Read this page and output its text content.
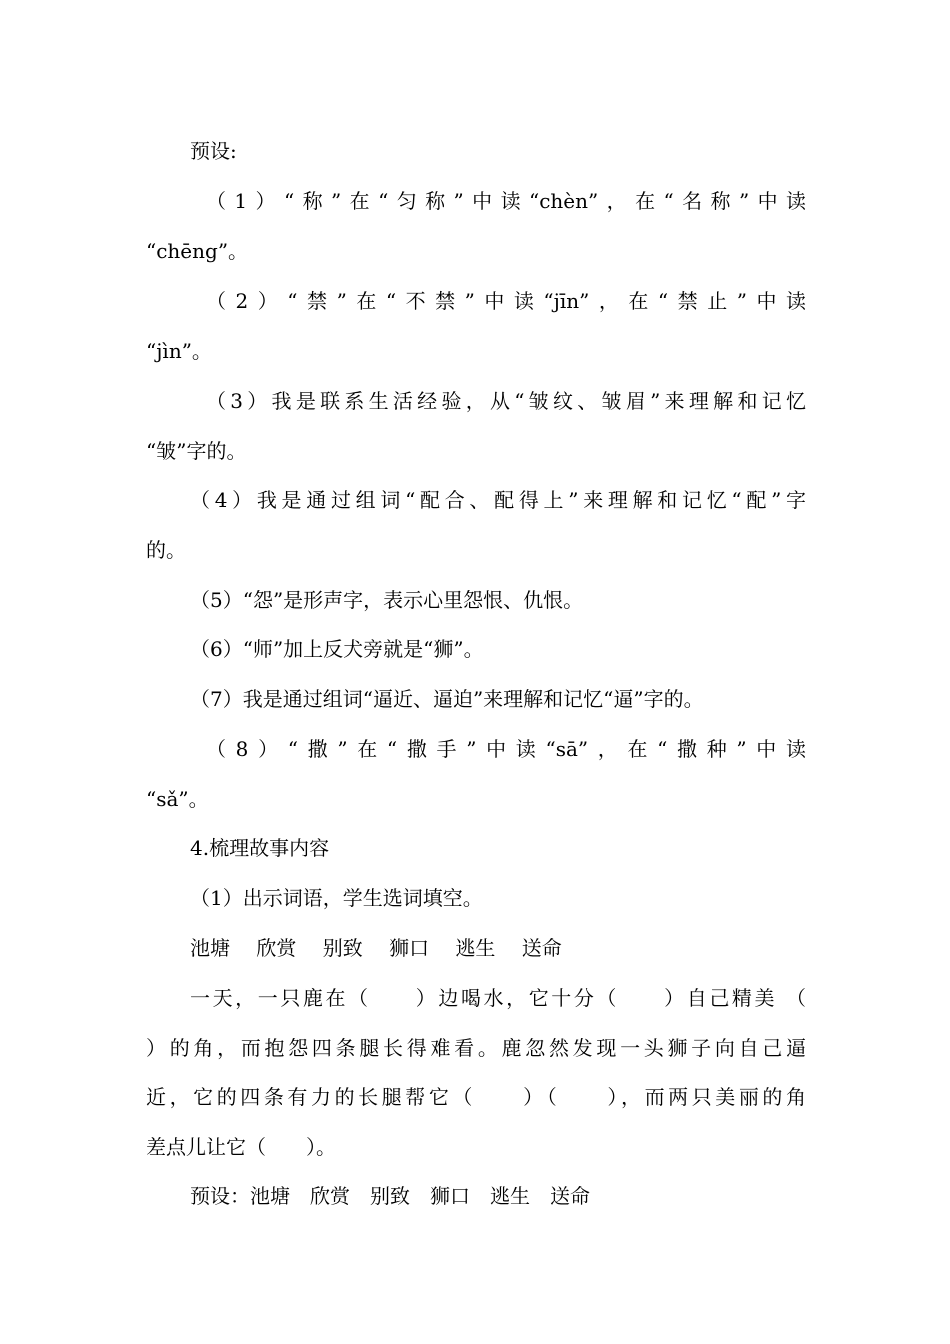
预设:
（1）“称”在“匀称”中读“chèn”，在“名称”中读
“chēng”。
（2）“禁”在“不禁”中读“jīn”，在“禁止”中读
“jìn”。
（3）我是联系生活经验，从“皱纹、皱眉”来理解和记忆
“皱”字的。
（4）我是通过组词“配合、配得上”来理解和记忆“配”字
的。
（5）“怨”是形声字，表示心里怨恨、仇恨。
（6）“师”加上反犬旁就是“狮”。
（7）我是通过组词“逼近、逼迫”来理解和记忆“逼”字的。
（8）“撒”在“撒手”中读“sā”，在“撒种”中读
“sǎ”。
4.梳理故事内容
（1）出示词语，学生选词填空。
池塘　 欣赏 　别致　 狮口　 逃生　 送命
一天，一只鹿在（　　）边喝水，它十分（　　）自己精美 （
）的角，而抱怨四条腿长得难看。鹿忽然发现一头狮子向自己逼
近，它的四条有力的长腿帮它（　　）（　　），而两只美丽的角
差点儿让它（　　）。
预设：池塘　欣赏　别致　狮口　逃生　送命
